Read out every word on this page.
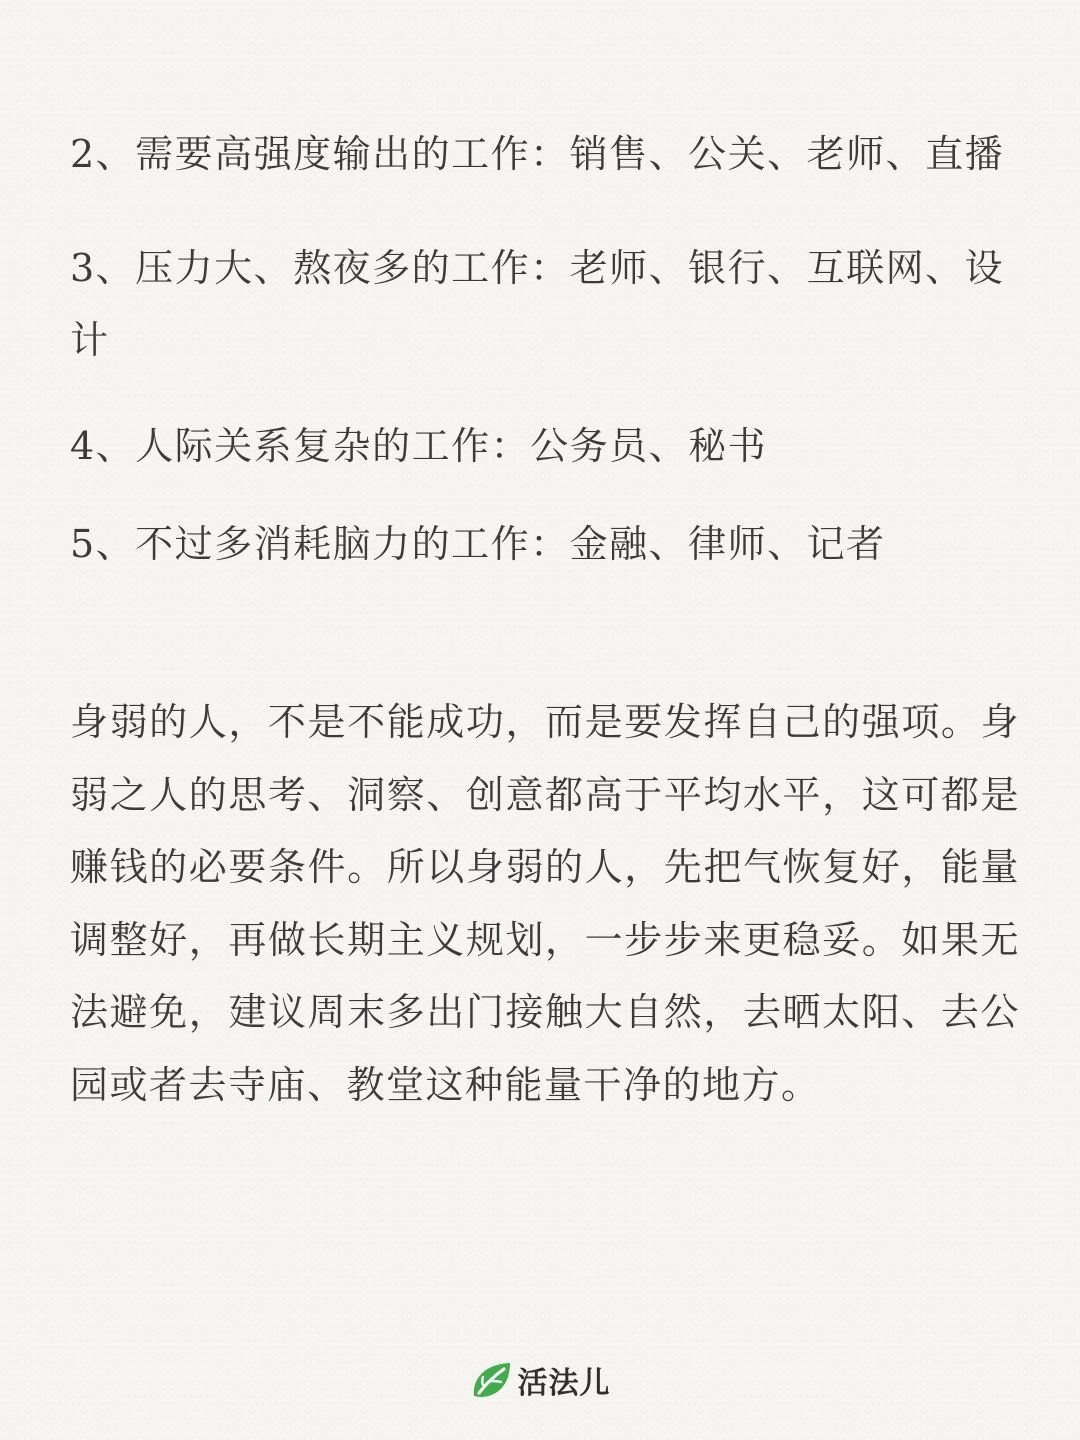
2、需要高强度输出的工作：销售、公关、老师、直播

3、压力大、熬夜多的工作：老师、银行、互联网、设计

4、人际关系复杂的工作：公务员、秘书

5、不过多消耗脑力的工作：金融、律师、记者

身弱的人，不是不能成功，而是要发挥自己的强项。身弱之人的思考、洞察、创意都高于平均水平，这可都是赚钱的必要条件。所以身弱的人，先把气恢复好，能量调整好，再做长期主义规划，一步步来更稳妥。如果无法避免，建议周末多出门接触大自然，去晒太阳、去公园或者去寺庙、教堂这种能量干净的地方。

活法儿
